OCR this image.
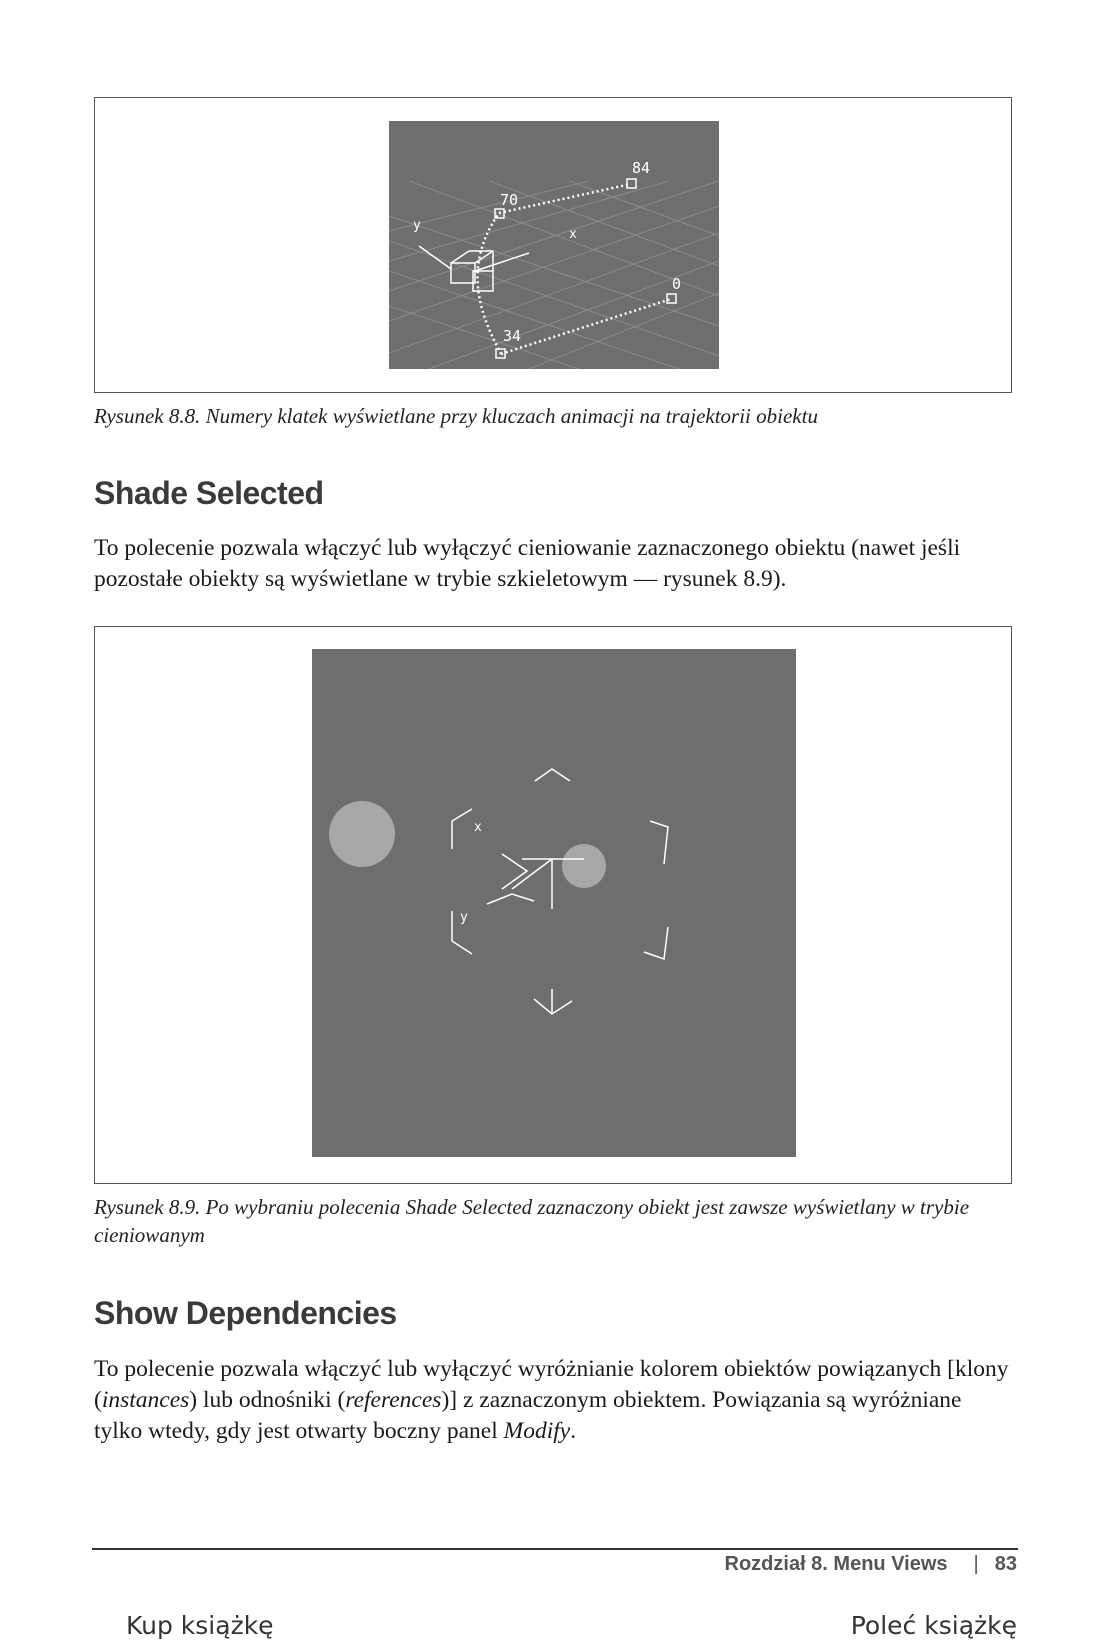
84
70
0
34
x
y
Rysunek 8.8. Numery klatek wyświetlane przy kluczach animacji na trajektorii obiektu
Shade Selected

To polecenie pozwala włączyć lub wyłączyć cieniowanie zaznaczonego obiektu (nawet jeśli pozostałe obiekty są wyświetlane w trybie szkieletowym — rysunek 8.9).

x
y
Rysunek 8.9. Po wybraniu polecenia Shade Selected zaznaczony obiekt jest zawsze wyświetlany w trybie cieniowanym
Show Dependencies

To polecenie pozwala włączyć lub wyłączyć wyróżnianie kolorem obiektów powiązanych [klony (instances) lub odnośniki (references)] z zaznaczonym obiektem. Powiązania są wyróżniane tylko wtedy, gdy jest otwarty boczny panel Modify.

Rozdział 8. Menu Views | 83
Kup książkę	Poleć książkę
